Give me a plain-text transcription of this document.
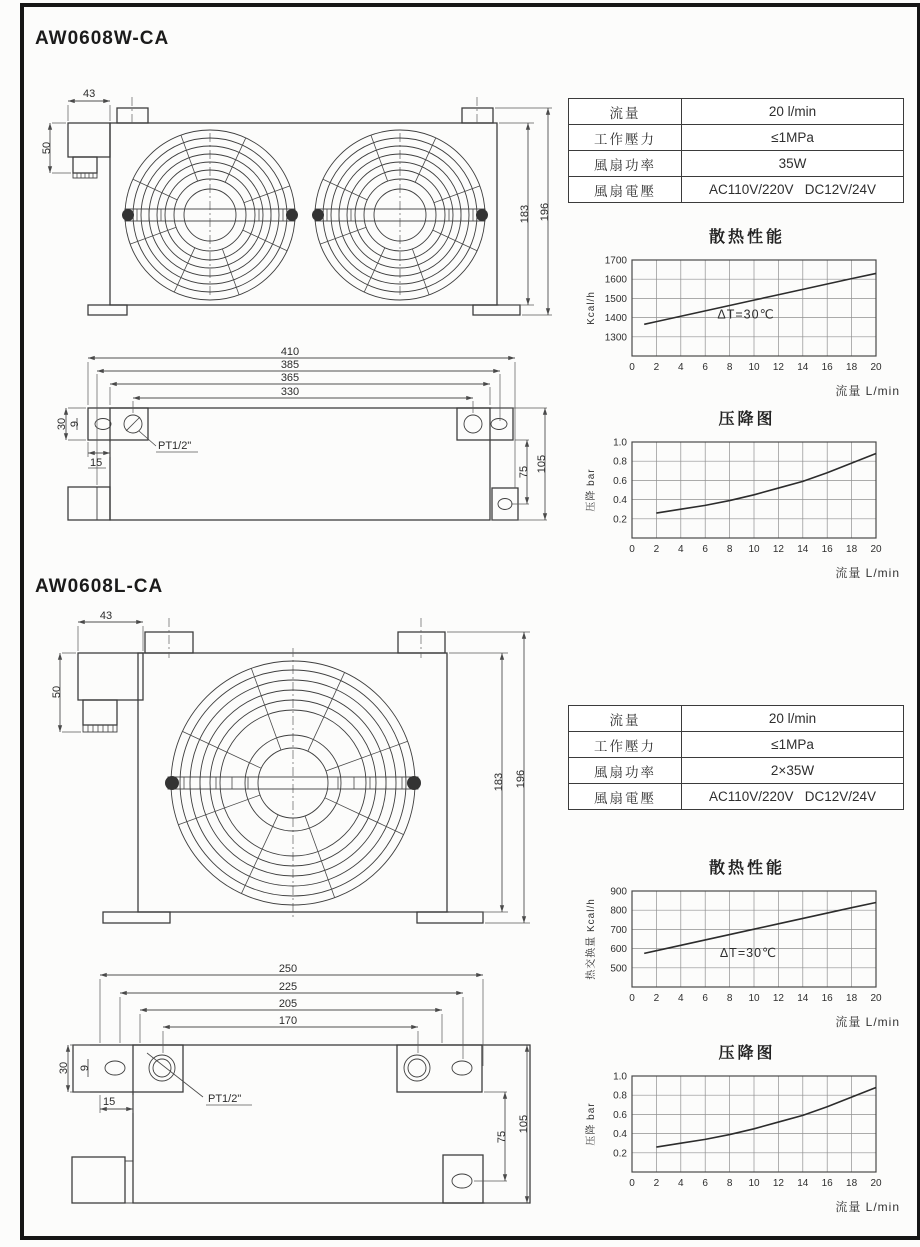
AW0608W-CA
43
50
183 196
410
385
365
330
30 9
15
PT1/2"
75 105
流量	20 l/min
工作壓力	≤1MPa
風扇功率	35W
風扇電壓	AC110V/220V   DC12V/24V
散热性能
1300
1400
1500
1600
1700
0 2 4 6 8 10 12 14 16 18 20
Kcal/h	ΔT=30℃
流量 L/min
压降图
0.2
0.4
0.6
0.8
1.0
0 2 4 6 8 10 12 14 16 18 20
压降 bar
流量 L/min
AW0608L-CA
43
50
183 196
250
225
205
170
30 9
15	PT1/2"
75
105
流量	20 l/min
工作壓力	≤1MPa
風扇功率	2×35W
風扇電壓	AC110V/220V   DC12V/24V
散热性能
500
600
700
800
900
0 2 4 6 8 10 12 14 16 18 20
热交换量 Kcal/h	ΔT=30℃
流量 L/min
压降图
0.2
0.4
0.6
0.8
1.0
0 2 4 6 8 10 12 14 16 18 20
压降 bar
流量 L/min
